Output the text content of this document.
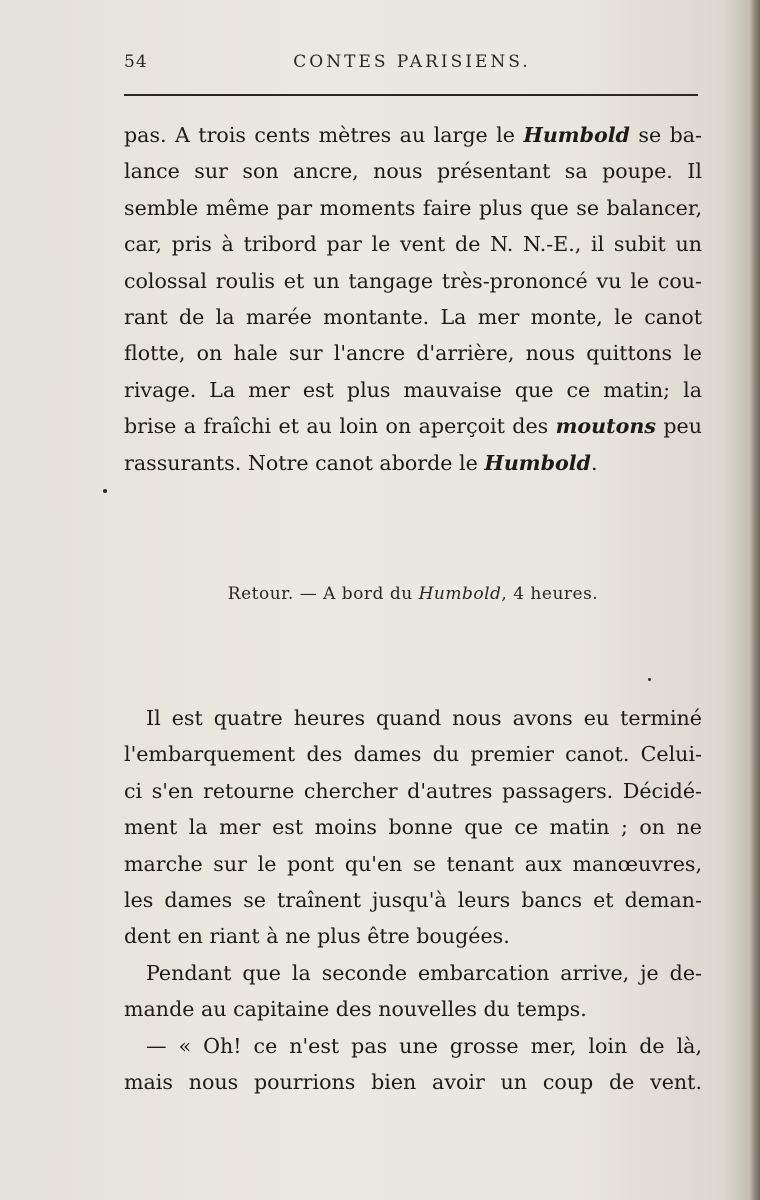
54	CONTES PARISIENS.
pas. A trois cents mètres au large le Humbold se ba-
lance sur son ancre, nous présentant sa poupe. Il
semble même par moments faire plus que se balancer,
car, pris à tribord par le vent de N. N.-E., il subit un
colossal roulis et un tangage très-prononcé vu le cou-
rant de la marée montante. La mer monte, le canot
flotte, on hale sur l'ancre d'arrière, nous quittons le
rivage. La mer est plus mauvaise que ce matin; la
brise a fraîchi et au loin on aperçoit des moutons peu
rassurants. Notre canot aborde le Humbold.
Retour. — A bord du Humbold, 4 heures.
Il est quatre heures quand nous avons eu terminé
l'embarquement des dames du premier canot. Celui-
ci s'en retourne chercher d'autres passagers. Décidé-
ment la mer est moins bonne que ce matin ; on ne
marche sur le pont qu'en se tenant aux manœuvres,
les dames se traînent jusqu'à leurs bancs et deman-
dent en riant à ne plus être bougées.
Pendant que la seconde embarcation arrive, je de-
mande au capitaine des nouvelles du temps.
— « Oh! ce n'est pas une grosse mer, loin de là,
mais nous pourrions bien avoir un coup de vent.
